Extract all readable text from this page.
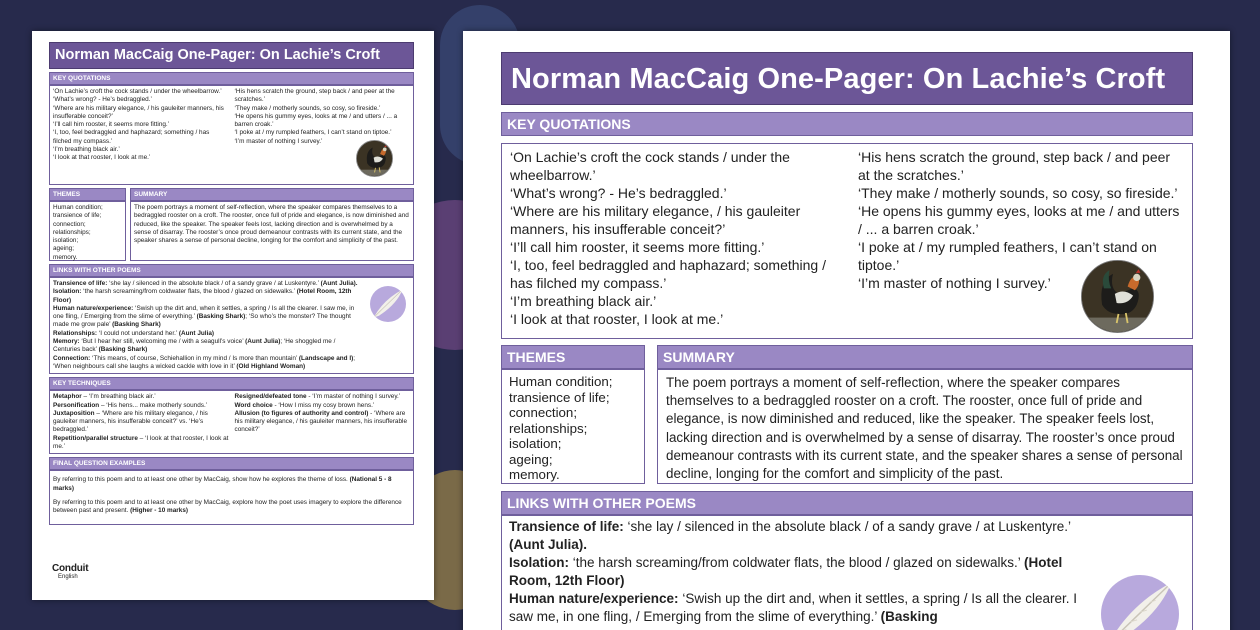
Norman MacCaig One-Pager: On Lachie’s Croft
KEY QUOTATIONS
‘On Lachie’s croft the cock stands / under the wheelbarrow.’
‘What’s wrong? - He’s bedraggled.’
‘Where are his military elegance, / his gauleiter manners, his insufferable conceit?’
‘I’ll call him rooster, it seems more fitting.’
‘I, too, feel bedraggled and haphazard; something / has filched my compass.’
‘I’m breathing black air.’
‘I look at that rooster, I look at me.’
‘His hens scratch the ground, step back / and peer at the scratches.’
‘They make / motherly sounds, so cosy, so fireside.’
‘He opens his gummy eyes, looks at me / and utters / ... a barren croak.’
‘I poke at / my rumpled feathers, I can’t stand on tiptoe.’
‘I’m master of nothing I survey.’
THEMES
Human condition;
transience of life;
connection;
relationships;
isolation;
ageing;
memory.
SUMMARY
The poem portrays a moment of self-reflection, where the speaker compares themselves to a bedraggled rooster on a croft. The rooster, once full of pride and elegance, is now diminished and reduced, like the speaker. The speaker feels lost, lacking direction and is overwhelmed by a sense of disarray. The rooster’s once proud demeanour contrasts with its current state, and the speaker shares a sense of personal decline, longing for the comfort and simplicity of the past.
LINKS WITH OTHER POEMS
Transience of life: ‘she lay / silenced in the absolute black / of a sandy grave / at Luskentyre.’ (Aunt Julia).
Isolation: ‘the harsh screaming/from coldwater flats, the blood / glazed on sidewalks.’ (Hotel Room, 12th Floor)
Human nature/experience: ‘Swish up the dirt and, when it settles, a spring / Is all the clearer. I saw me, in one fling, / Emerging from the slime of everything.’ (Basking Shark); ‘So who’s the monster? The thought made me grow pale’ (Basking Shark)
Relationships: ‘I could not understand her.’ (Aunt Julia)
Memory: ‘But I hear her still, welcoming me / with a seagull’s voice’ (Aunt Julia); ‘He shoggled me / Centuries back’ (Basking Shark)
Connection: ‘This means, of course, Schiehallion in my mind / Is more than mountain’ (Landscape and I); ‘When neighbours call she laughs a wicked cackle with love in it’ (Old Highland Woman)
KEY TECHNIQUES
Metaphor – ‘I’m breathing black air.’
Personification – ‘His hens... make motherly sounds.’
Juxtaposition – ‘Where are his military elegance, / his gauleiter manners, his insufferable conceit?’ vs. ‘He’s bedraggled.’
Repetition/parallel structure – ‘I look at that rooster, I look at me.’
Resigned/defeated tone - ‘I’m master of nothing I survey.’
Word choice - ‘How I miss my cosy brown hens.’
Allusion (to figures of authority and control) - ‘Where are his military elegance, / his gauleiter manners, his insufferable conceit?’
FINAL QUESTION EXAMPLES

By referring to this poem and to at least one other by MacCaig, show how he explores the theme of loss. (National 5 - 8 marks)

By referring to this poem and to at least one other by MacCaig, explore how the poet uses imagery to explore the difference between past and present. (Higher - 10 marks)

Conduit
English
Norman MacCaig One-Pager: On Lachie’s Croft
KEY QUOTATIONS
‘On Lachie’s croft the cock stands / under the wheelbarrow.’
‘What’s wrong? - He’s bedraggled.’
‘Where are his military elegance, / his gauleiter manners, his insufferable conceit?’
‘I’ll call him rooster, it seems more fitting.’
‘I, too, feel bedraggled and haphazard; something / has filched my compass.’
‘I’m breathing black air.’
‘I look at that rooster, I look at me.’
‘His hens scratch the ground, step back / and peer at the scratches.’
‘They make / motherly sounds, so cosy, so fireside.’
‘He opens his gummy eyes, looks at me / and utters / ... a barren croak.’
‘I poke at / my rumpled feathers, I can’t stand on tiptoe.’
‘I’m master of nothing I survey.’
THEMES
Human condition;
transience of life;
connection;
relationships;
isolation;
ageing;
memory.
SUMMARY
The poem portrays a moment of self-reflection, where the speaker compares themselves to a bedraggled rooster on a croft. The rooster, once full of pride and elegance, is now diminished and reduced, like the speaker. The speaker feels lost, lacking direction and is overwhelmed by a sense of disarray. The rooster’s once proud demeanour contrasts with its current state, and the speaker shares a sense of personal decline, longing for the comfort and simplicity of the past.
LINKS WITH OTHER POEMS
Transience of life: ‘she lay / silenced in the absolute black / of a sandy grave / at Luskentyre.’ (Aunt Julia).
Isolation: ‘the harsh screaming/from coldwater flats, the blood / glazed on sidewalks.’ (Hotel Room, 12th Floor)
Human nature/experience: ‘Swish up the dirt and, when it settles, a spring / Is all the clearer. I saw me, in one fling, / Emerging from the slime of everything.’ (Basking
